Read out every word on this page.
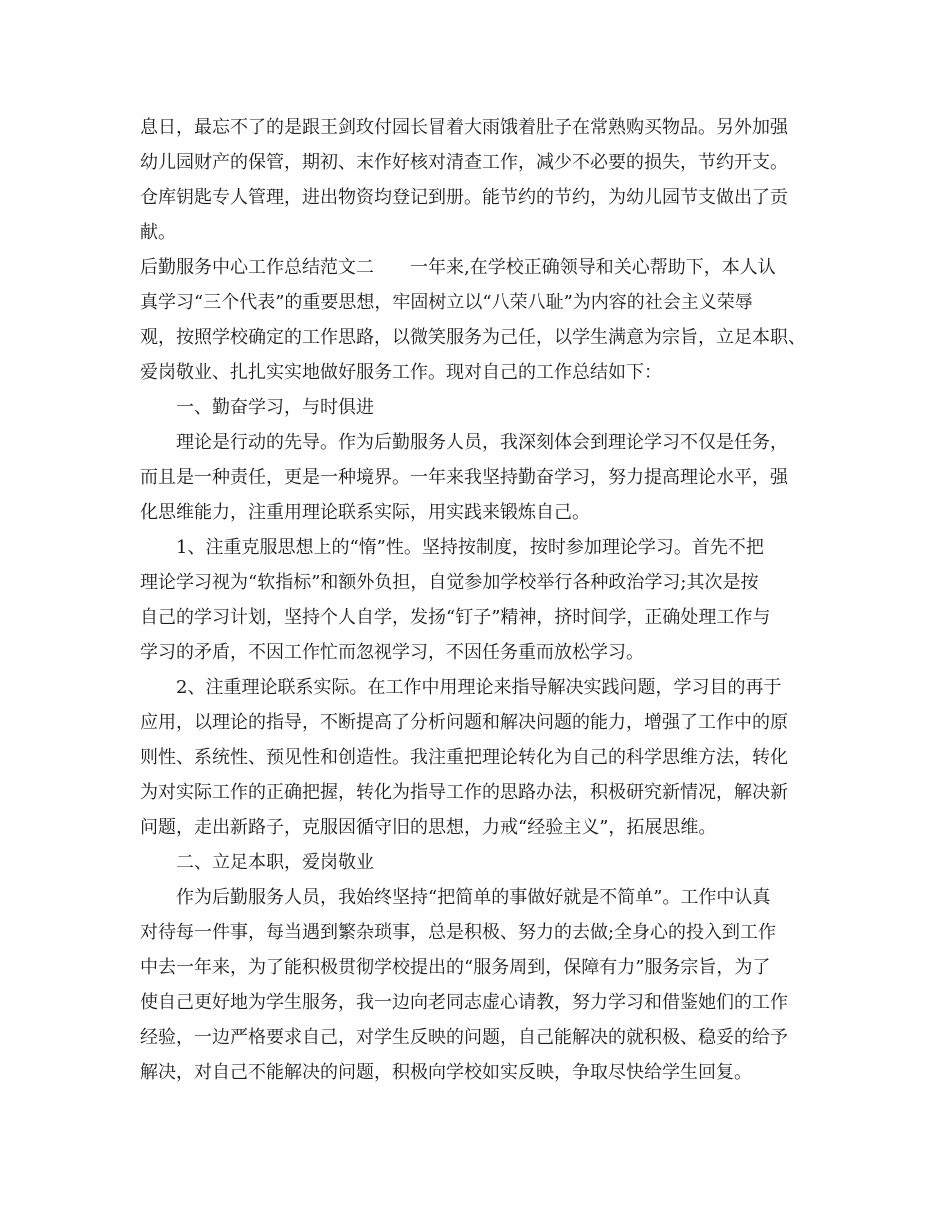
息日，最忘不了的是跟王剑玫付园长冒着大雨饿着肚子在常熟购买物品。另外加强
幼儿园财产的保管，期初、末作好核对清查工作，减少不必要的损失，节约开支。
仓库钥匙专人管理，进出物资均登记到册。能节约的节约，为幼儿园节支做出了贡
献。
后勤服务中心工作总结范文二　　一年来,在学校正确领导和关心帮助下，本人认
真学习“三个代表”的重要思想，牢固树立以“八荣八耻”为内容的社会主义荣辱
观，按照学校确定的工作思路，以微笑服务为己任，以学生满意为宗旨，立足本职、
爱岗敬业、扎扎实实地做好服务工作。现对自己的工作总结如下：
一、勤奋学习，与时俱进
理论是行动的先导。作为后勤服务人员，我深刻体会到理论学习不仅是任务，
而且是一种责任，更是一种境界。一年来我坚持勤奋学习，努力提高理论水平，强
化思维能力，注重用理论联系实际，用实践来锻炼自己。
1、注重克服思想上的“惰”性。坚持按制度，按时参加理论学习。首先不把
理论学习视为“软指标”和额外负担，自觉参加学校举行各种政治学习;其次是按
自己的学习计划，坚持个人自学，发扬“钉子”精神，挤时间学，正确处理工作与
学习的矛盾，不因工作忙而忽视学习，不因任务重而放松学习。
2、注重理论联系实际。在工作中用理论来指导解决实践问题，学习目的再于
应用，以理论的指导，不断提高了分析问题和解决问题的能力，增强了工作中的原
则性、系统性、预见性和创造性。我注重把理论转化为自己的科学思维方法，转化
为对实际工作的正确把握，转化为指导工作的思路办法，积极研究新情况，解决新
问题，走出新路子，克服因循守旧的思想，力戒“经验主义”，拓展思维。
二、立足本职，爱岗敬业
作为后勤服务人员，我始终坚持“把简单的事做好就是不简单”。工作中认真
对待每一件事，每当遇到繁杂琐事，总是积极、努力的去做;全身心的投入到工作
中去一年来，为了能积极贯彻学校提出的“服务周到，保障有力”服务宗旨，为了
使自己更好地为学生服务，我一边向老同志虚心请教，努力学习和借鉴她们的工作
经验，一边严格要求自己，对学生反映的问题，自己能解决的就积极、稳妥的给予
解决，对自己不能解决的问题，积极向学校如实反映，争取尽快给学生回复。
